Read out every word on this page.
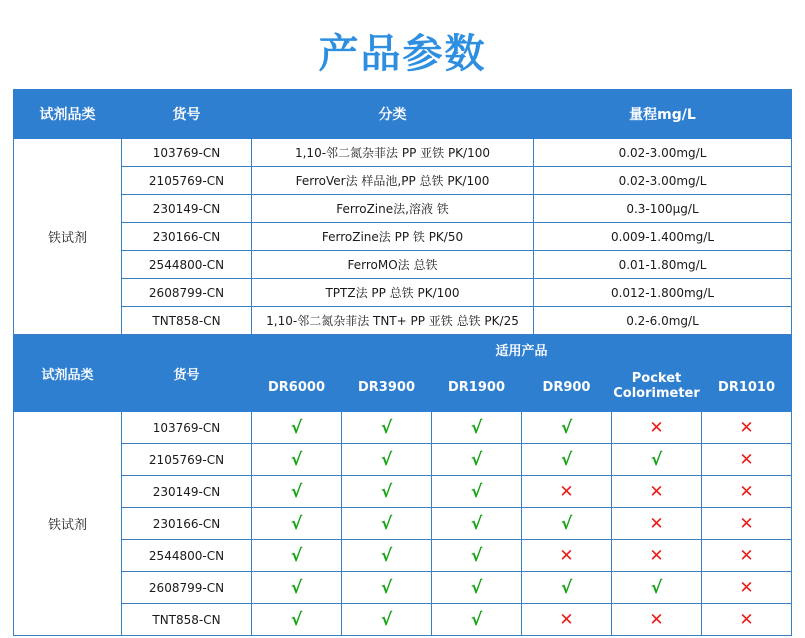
产品参数
试剂品类	货号	分类	量程mg/L
铁试剂	103769-CN	1,10-邻二氮杂菲法 PP 亚铁 PK/100	0.02-3.00mg/L
	2105769-CN	FerroVer法 样品池,PP 总铁 PK/100	0.02-3.00mg/L
	230149-CN	FerroZine法,溶液 铁	0.3-100µg/L
	230166-CN	FerroZine法 PP 铁 PK/50	0.009-1.400mg/L
	2544800-CN	FerroMO法 总铁	0.01-1.80mg/L
	2608799-CN	TPTZ法 PP 总铁 PK/100	0.012-1.800mg/L
	TNT858-CN	1,10-邻二氮杂菲法 TNT+ PP 亚铁 总铁 PK/25	0.2-6.0mg/L
试剂品类	货号	适用产品					
		DR6000	DR3900	DR1900	DR900	Pocket Colorimeter	DR1010
铁试剂	103769-CN	√	√	√	√	✕	✕
	2105769-CN	√	√	√	√	√	✕
	230149-CN	√	√	√	✕	✕	✕
	230166-CN	√	√	√	√	✕	✕
	2544800-CN	√	√	√	✕	✕	✕
	2608799-CN	√	√	√	√	√	✕
	TNT858-CN	√	√	√	✕	✕	✕
